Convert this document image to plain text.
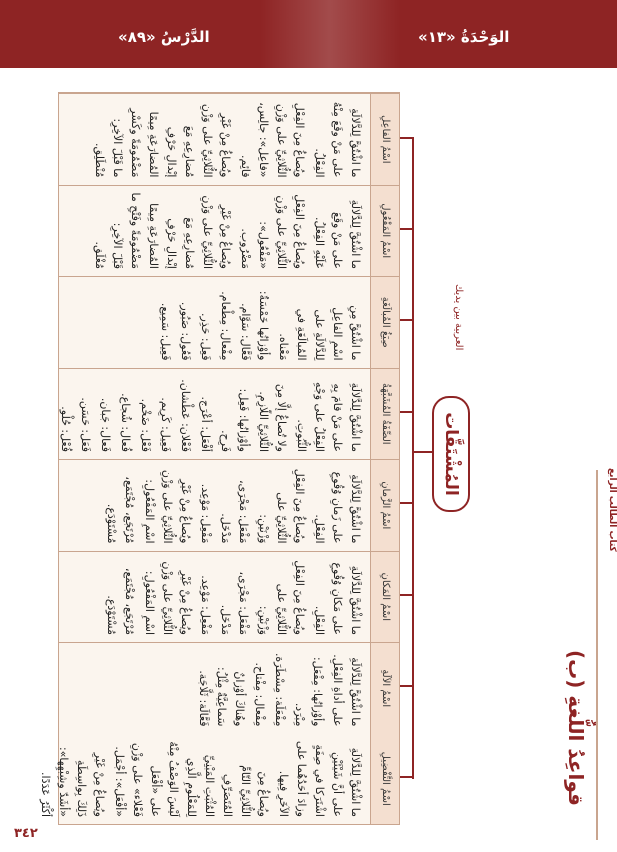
الدَّرْسُ «٨٩»	الوَحْدَةُ «١٣»
قواعِدُ اللُّغةِ (ب)
المُشْتَقَّات
اسْمُ الفاعِلِ

ما اشْتُقَّ لِلدَّلالَةِ على مَنْ وقَعَ مِنْهُ الفِعْلُ.

ويُصاغُ مِنَ الفِعْلِ الثُّلاثِيِّ على وَزْنِ «فاعِل»: جالِس، قائِم.

ويُصاغُ مِنْ غَيْرِ الثُّلاثِيِّ على وَزْنِ مُضارِعِهِ مَعَ إبْدالِ حَرْفِ المُضارَعَةِ مِيمًا مَضْمُومَةً وكَسْرِ ما قَبْلَ الآخِرِ: مُنْطَلِق.

اسْمُ المَفْعُولِ

ما اشْتُقَّ لِلدَّلالَةِ على مَنْ وقَعَ عَلَيْهِ الفِعْلُ.

ويُصاغُ مِنَ الفِعْلِ الثُّلاثِيِّ على وَزْنِ «مَفْعُول»: مَضْرُوب.

ويُصاغُ مِنْ غَيْرِ الثُّلاثِيِّ على وَزْنِ مُضارِعِهِ مَعَ إبْدالِ حَرْفِ المُضارَعَةِ مِيمًا مَضْمُومَةً وفَتْحِ ما قَبْلَ الآخِرِ: مُغْلَق.

صِيَغُ المُبالَغَةِ

ما اشْتُقَّ مِنِ اسْمِ الفاعِلِ لِلدَّلالَةِ على المُبالَغَةِ في مَعْناه.

وأوْزانُها خَمْسَةٌ: فَعَّال: سَوَّام.

مِفْعال: مِطْعام.

فَعِل: حَذِر.

فَعُول: صَبُور.

فَعِيل: سَمِيع.

الصِّفَةُ المُشَبَّهَةُ

ما اشْتُقَّ لِلدَّلالَةِ على مَنْ قامَ بِهِ الفِعْلُ على وَجْهِ الثُّبُوتِ.

ولا تُصاغُ إلَّا مِنَ الثُّلاثِيِّ اللّازِمِ.

وأوْزانُها: فَعِل: فَرِح.

أفْعَل: أعْرَج.

فَعْلان: عَطْشان.

فَعِيل: كَرِيم.

فَعْل: ضَخْم.

فُعال: شُجاع.

فَعال: جَبان.

فَعَل: حَسَن.

فُعْل: حُلْو.

اسْمُ الزَّمانِ

ما اشْتُقَّ لِلدَّلالَةِ على زَمانِ وُقُوعِ الفِعْلِ.

ويُصاغُ مِنَ الفِعْلِ الثُّلاثِيِّ على وَزْنَيْنِ:

مَفْعَل: مَجْرَى، مَدْخَل.

مَفْعِل: مَوْعِد.

ويُصاغُ مِنْ غَيْرِ الثُّلاثِيِّ على وَزْنِ اسْمِ المَفْعُولِ:

مُرْتَجَع، مُجْتَمَع، مُسْتَوْدَع.

اسْمُ المَكانِ

ما اشْتُقَّ لِلدَّلالَةِ على مَكانِ وُقُوعِ الفِعْلِ.

ويُصاغُ مِنَ الفِعْلِ الثُّلاثِيِّ على وَزْنَيْنِ:

مَفْعَل: مَجْرَى، مَدْخَل.

مَفْعِل: مَوْعِد.

ويُصاغُ مِنْ غَيْرِ الثُّلاثِيِّ على وَزْنِ اسْمِ المَفْعُولِ:

مُرْتَجَع، مُجْتَمَع، مُسْتَوْدَع.

اسْمُ الآلَةِ

ما اشْتُقَّ لِلدَّلالَةِ على أداةِ الفِعْلِ.

وأوْزانُها: مِفْعَل: مِبْرَد.

مِفْعَلَة: مِسْطَرَة.

مِفْعال: مِفْتاح.

وهُناكَ أوْزانٌ سَماعِيَّةٌ مِثْلُ: فَعَّالَة: ثَلَّاجَة.

اسْمُ التَّفْضِيلِ

ما اشْتُقَّ لِلدَّلالَةِ على أنَّ شَيْئَيْنِ اشْتَرَكا في صِفَةٍ وزادَ أحَدُهُما على الآخَرِ فِيها.

ويُصاغُ مِنَ الثُّلاثِيِّ التّامِّ المُتَصَرِّفِ المُثْبَتِ المَبْنِيِّ لِلمَعْلُومِ الَّذِي لَيْسَ الوَصْفُ مِنْهُ على «أفْعَل فَعْلاء» على وَزْنِ «أفْعَل»: أجْمَل.

ويُصاغُ مِنْ غَيْرِ ذَلِكَ بِواسِطَةِ «أشَدّ وشِبْهِها»: أكْثَرُ عَدَدًا.

العربية بين يديك
كتاب الطالب الرابع
٣٤٢
